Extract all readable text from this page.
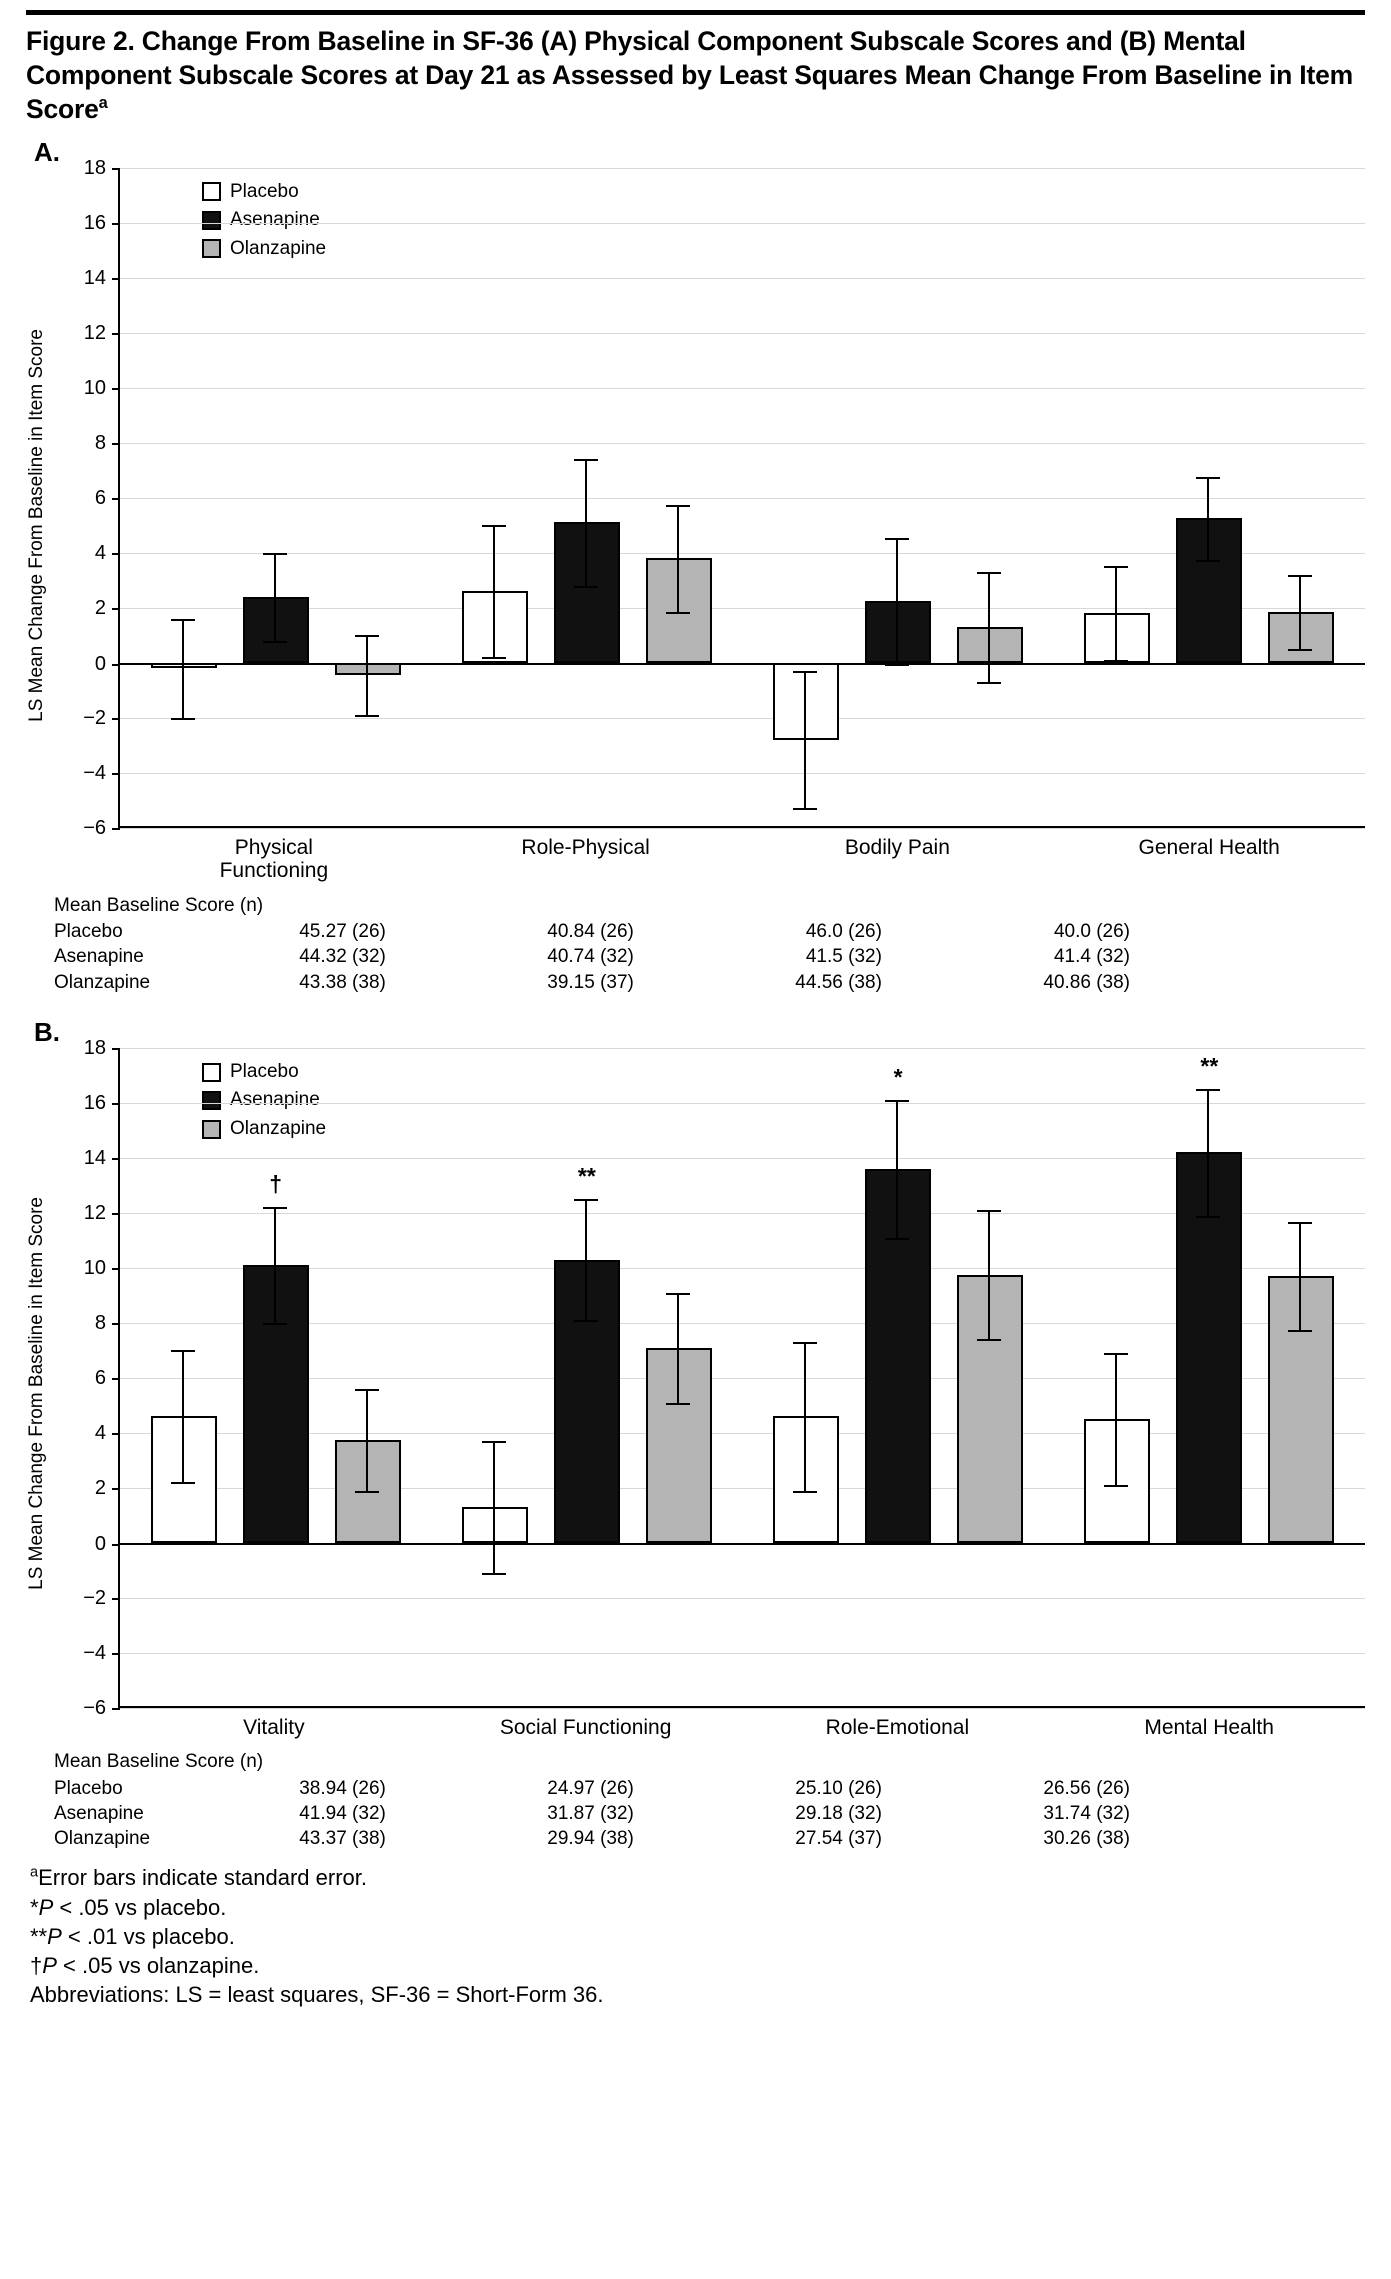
Figure 2. Change From Baseline in SF-36 (A) Physical Component Subscale Scores and (B) Mental Component Subscale Scores at Day 21 as Assessed by Least Squares Mean Change From Baseline in Item Score$^a$
A.
LS Mean Change From Baseline in Item Score
Placebo
Asenapine
Olanzapine
18
16
14
12
10
8
6
4
2
0
−2
−4
−6
Physical
Functioning
Role-Physical	Bodily Pain	General Health
Mean Baseline Score (n)
Placebo	45.27 (26)	40.84 (26)	46.0 (26)	40.0 (26)
Asenapine	44.32 (32)	40.74 (32)	41.5 (32)	41.4 (32)
Olanzapine	43.38 (38)	39.15 (37)	44.56 (38)	40.86 (38)
B.
LS Mean Change From Baseline in Item Score
Placebo
Asenapine
Olanzapine
18
16
14
12
10
8
6
4
2
0
−2
−4
−6
†	**
*	**
Vitality	Social Functioning	Role-Emotional	Mental Health
Mean Baseline Score (n)
Placebo	38.94 (26)	24.97 (26)	25.10 (26)	26.56 (26)
Asenapine	41.94 (32)	31.87 (32)	29.18 (32)	31.74 (32)
Olanzapine	43.37 (38)	29.94 (38)	27.54 (37)	30.26 (38)
$^a$Error bars indicate standard error.
*P < .05 vs placebo.
**P < .01 vs placebo.
†P < .05 vs olanzapine.
Abbreviations: LS = least squares, SF-36 = Short-Form 36.
